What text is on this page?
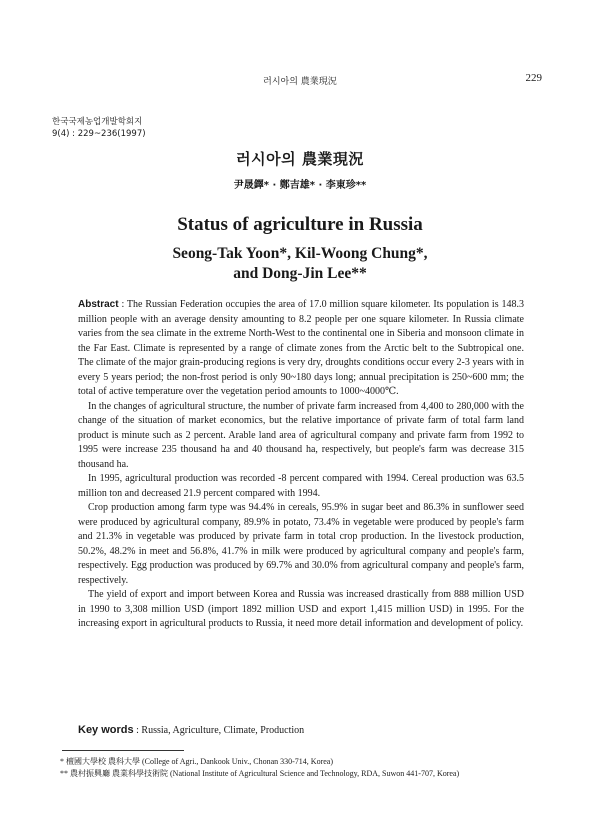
러시아의 農業現況	229
한국국제농업개발학회지
9(4) : 229~236(1997)
러시아의 農業現況
尹晟鐸* · 鄭吉雄* · 李東珍**
Status of agriculture in Russia
Seong-Tak Yoon*, Kil-Woong Chung*,
and Dong-Jin Lee**

Abstract : The Russian Federation occupies the area of 17.0 million square kilometer. Its population is 148.3 million people with an average density amounting to 8.2 people per one square kilometer. In Russia climate varies from the sea climate in the extreme North-West to the continental one in Siberia and monsoon climate in the Far East. Climate is represented by a range of climate zones from the Arctic belt to the Subtropical one. The climate of the major grain-producing regions is very dry, droughts conditions occur every 2-3 years with in every 5 years period; the non-frost period is only 90~180 days long; annual precipitation is 250~600 mm; the total of active temperature over the vegetation period amounts to 1000~4000℃.

In the changes of agricultural structure, the number of private farm increased from 4,400 to 280,000 with the change of the situation of market economics, but the relative importance of private farm of total farm land product is minute such as 2 percent. Arable land area of agricultural company and private farm from 1992 to 1995 were increase 235 thousand ha and 40 thousand ha, respectively, but people's farm was decrease 315 thousand ha.

In 1995, agricultural production was recorded -8 percent compared with 1994. Cereal production was 63.5 million ton and decreased 21.9 percent compared with 1994.

Crop production among farm type was 94.4% in cereals, 95.9% in sugar beet and 86.3% in sunflower seed were produced by agricultural company, 89.9% in potato, 73.4% in vegetable were produced by people's farm and 21.3% in vegetable was produced by private farm in total crop production. In the livestock production, 50.2%, 48.2% in meet and 56.8%, 41.7% in milk were produced by agricultural company and people's farm, respectively. Egg production was produced by 69.7% and 30.0% from agricultural company and people's farm, respectively.

The yield of export and import between Korea and Russia was increased drastically from 888 million USD in 1990 to 3,308 million USD (import 1892 million USD and export 1,415 million USD) in 1995. For the increasing export in agricultural products to Russia, it need more detail information and development of policy.

Key words : Russia, Agriculture, Climate, Production
* 檀國大學校 農科大學 (College of Agri., Dankook Univ., Chonan 330-714, Korea)
** 農村振興廳 農業科學技術院 (National Institute of Agricultural Science and Technology, RDA, Suwon 441-707, Korea)
